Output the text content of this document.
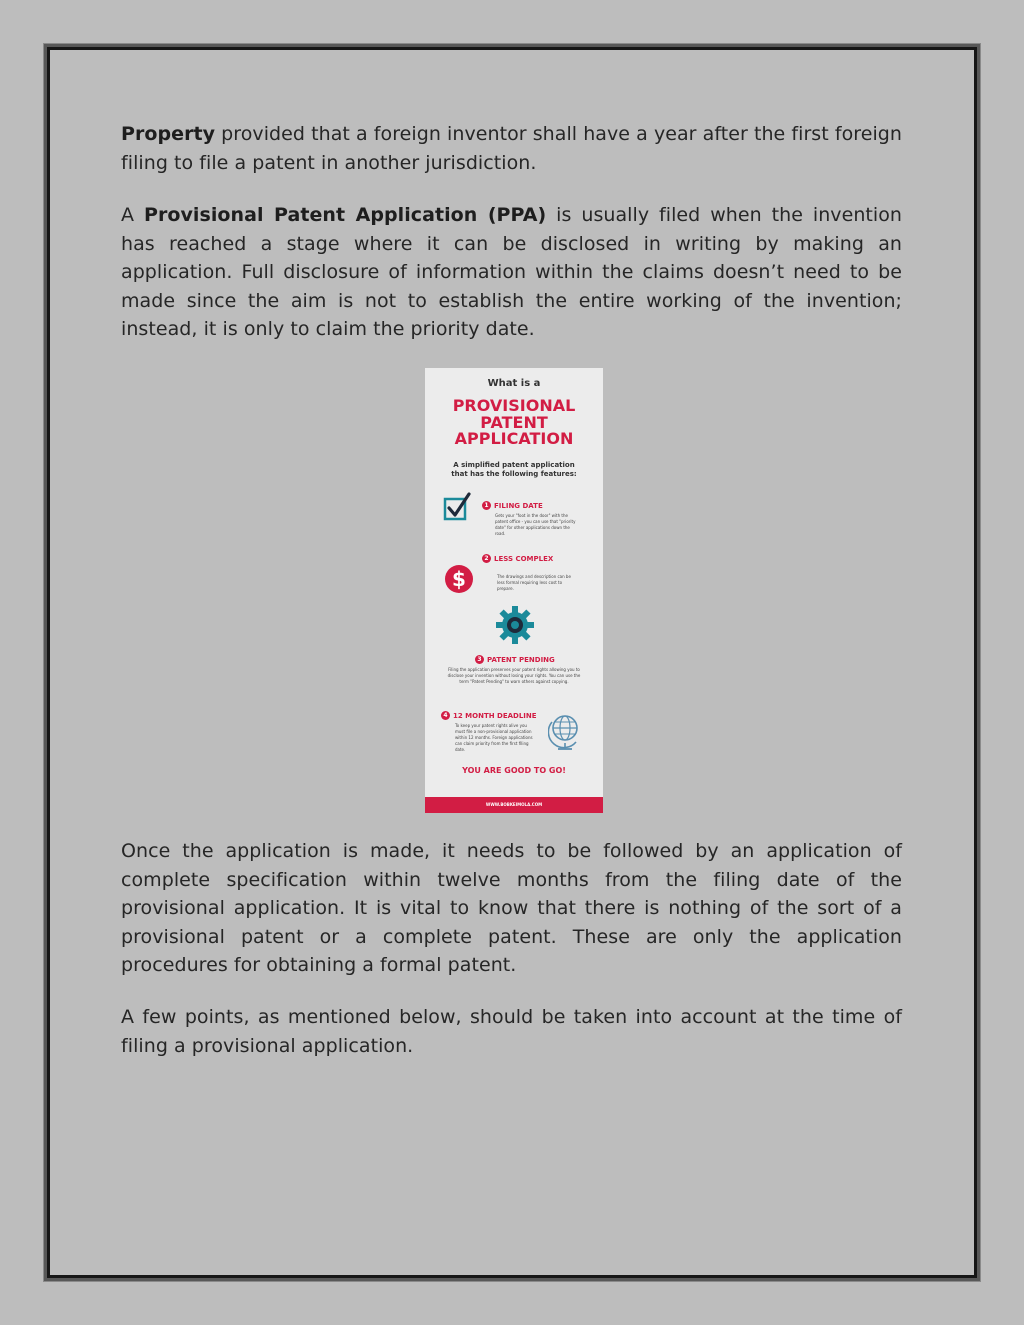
Property provided that a foreign inventor shall have a year after the first foreign filing to file a patent in another jurisdiction.
A Provisional Patent Application (PPA) is usually filed when the invention has reached a stage where it can be disclosed in writing by making an application. Full disclosure of information within the claims doesn’t need to be made since the aim is not to establish the entire working of the invention; instead, it is only to claim the priority date.
What is a
PROVISIONAL
PATENT
APPLICATION
A simplified patent application that has the following features:
1 FILING DATE
Gets your "foot in the door" with the patent office - you can use that "priority date" for other applications down the road.
2 LESS COMPLEX
$	The drawings and description can be less formal requiring less cost to prepare.
3 PATENT PENDING
Filing the application preserves your patent rights allowing you to disclose your invention without losing your rights. You can use the term "Patent Pending" to warn others against copying.
4 12 MONTH DEADLINE
To keep your patent rights alive you must file a non-provisional application within 12 months. Foreign applications can claim priority from the first filing date.
YOU ARE GOOD TO GO!
WWW.BOBKEIMOLA.COM
Once the application is made, it needs to be followed by an application of complete specification within twelve months from the filing date of the provisional application. It is vital to know that there is nothing of the sort of a provisional patent or a complete patent. These are only the application procedures for obtaining a formal patent.
A few points, as mentioned below, should be taken into account at the time of filing a provisional application.
